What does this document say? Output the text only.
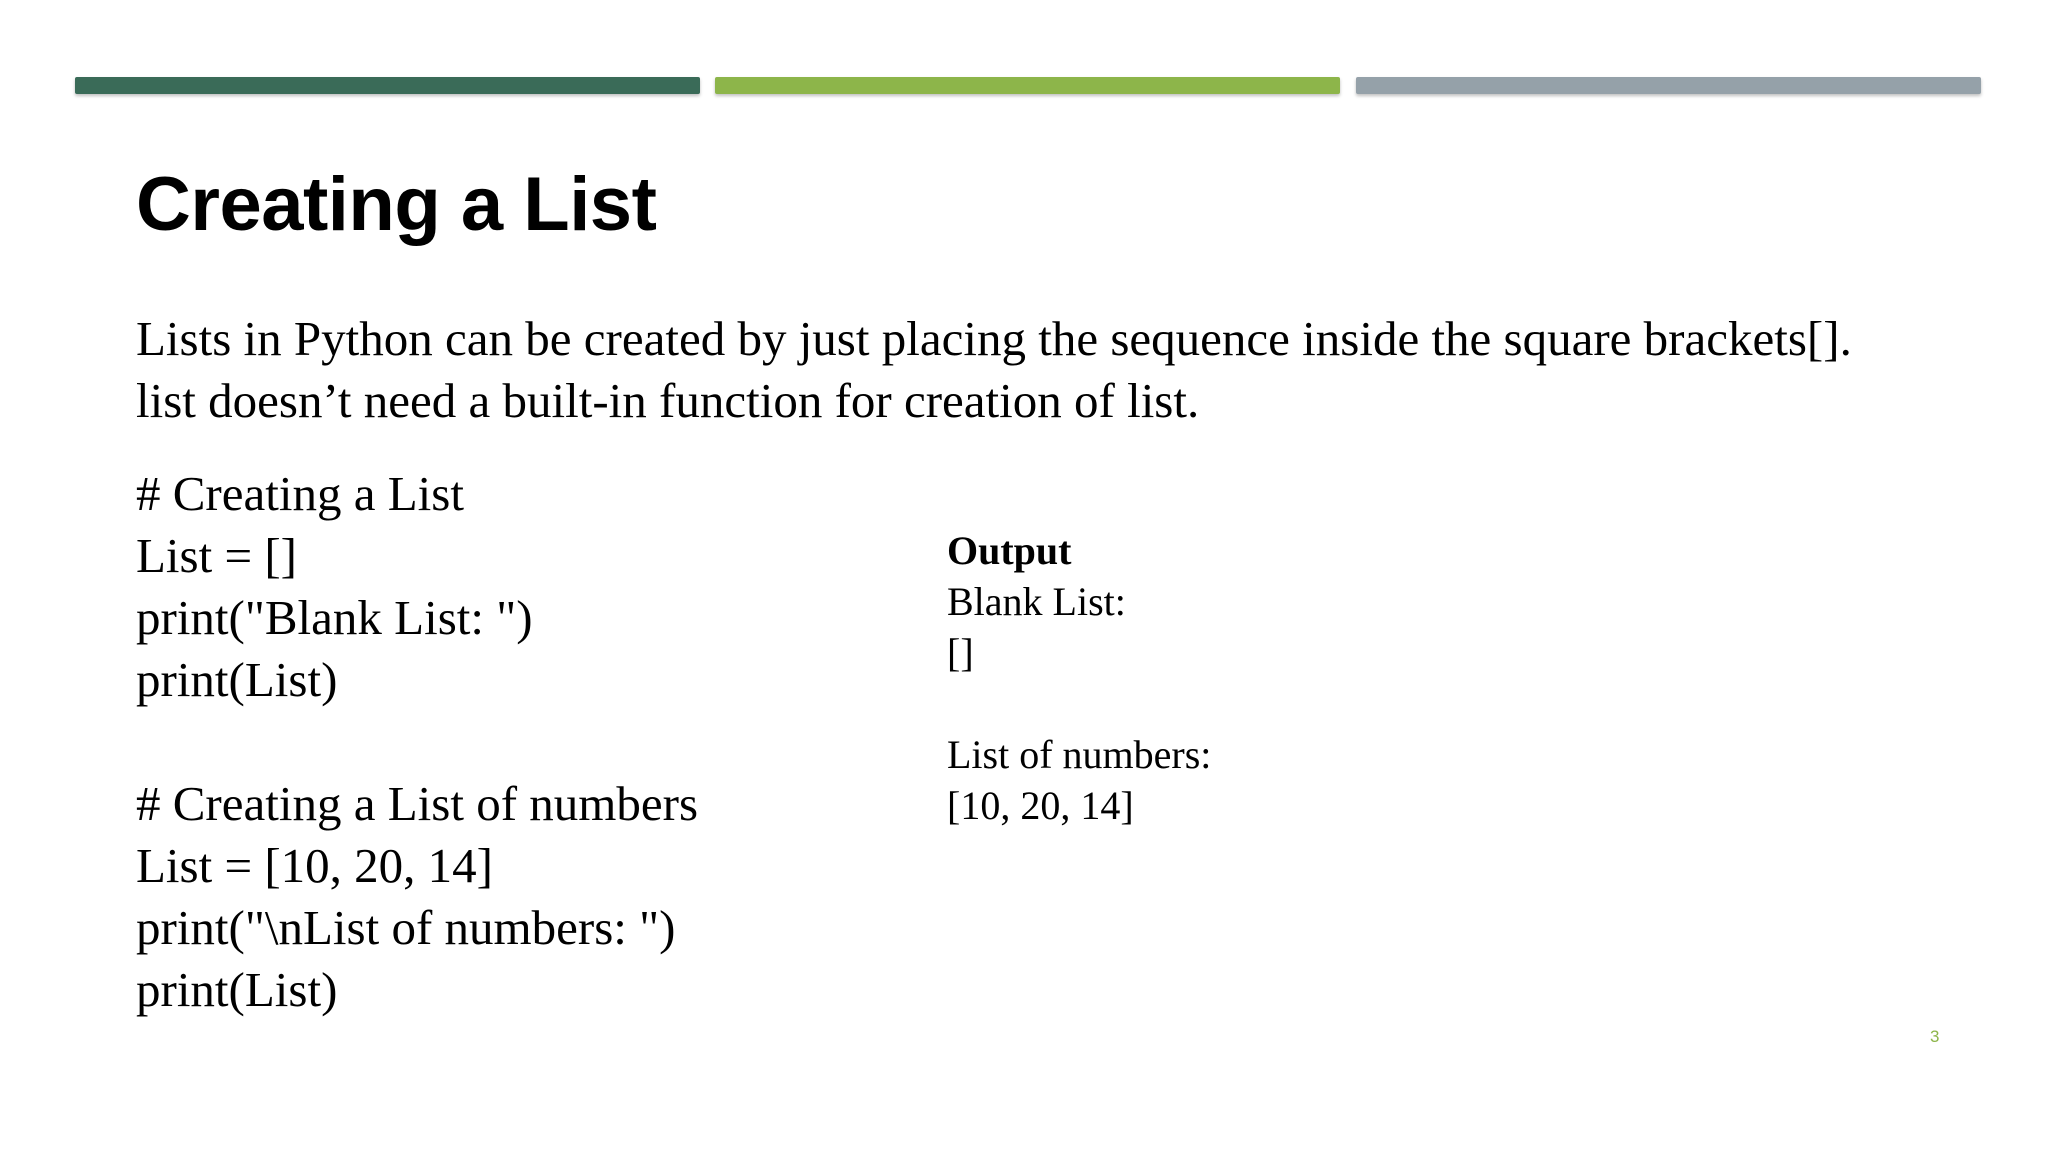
Creating a List
Lists in Python can be created by just placing the sequence inside the square brackets[].
list doesn’t need a built-in function for creation of list.
# Creating a List
List = []
print("Blank List: ")
print(List)
# Creating a List of numbers
List = [10, 20, 14]
print("\nList of numbers: ")
print(List)
Output
Blank List:
[]
List of numbers:
[10, 20, 14]
3
